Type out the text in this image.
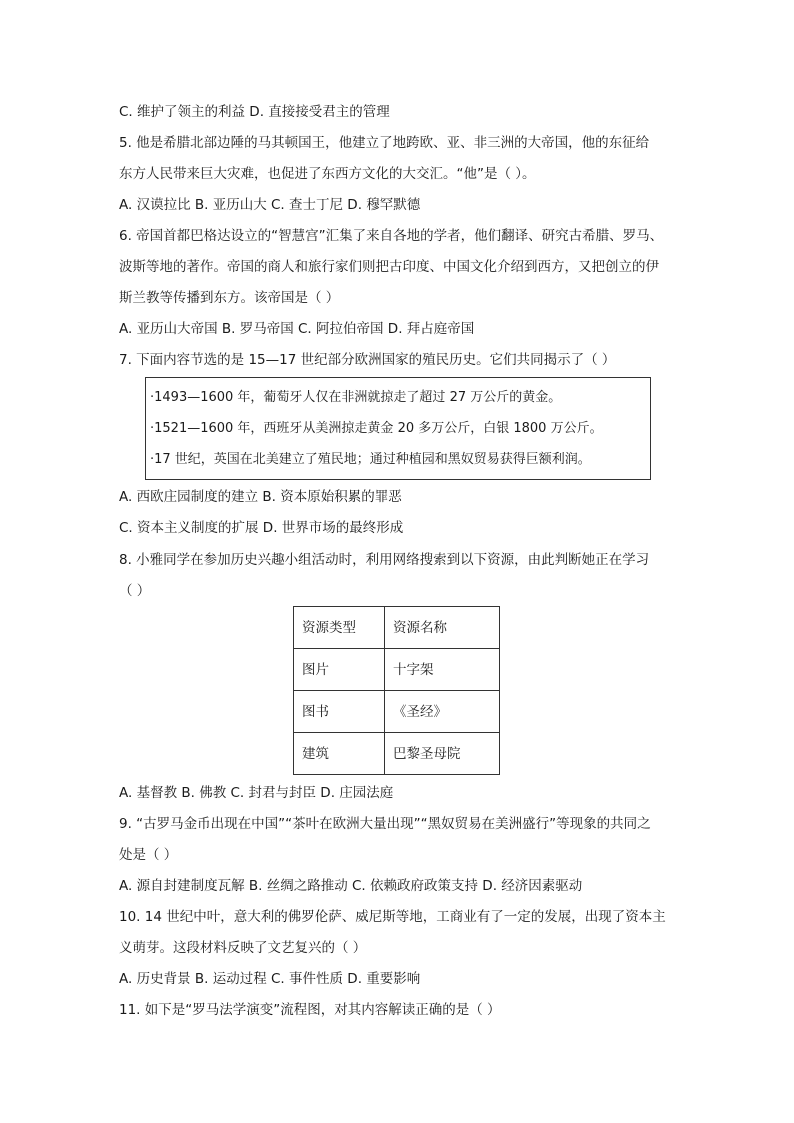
C. 维护了领主的利益 D. 直接接受君主的管理
5. 他是希腊北部边陲的马其顿国王，他建立了地跨欧、亚、非三洲的大帝国，他的东征给
东方人民带来巨大灾难，也促进了东西方文化的大交汇。“他”是（ ）。
A. 汉谟拉比 B. 亚历山大 C. 查士丁尼 D. 穆罕默德
6. 帝国首都巴格达设立的“智慧宫”汇集了来自各地的学者，他们翻译、研究古希腊、罗马、
波斯等地的著作。帝国的商人和旅行家们则把古印度、中国文化介绍到西方，又把创立的伊
斯兰教等传播到东方。该帝国是（ ）
A. 亚历山大帝国 B. 罗马帝国 C. 阿拉伯帝国 D. 拜占庭帝国
7. 下面内容节选的是 15—17 世纪部分欧洲国家的殖民历史。它们共同揭示了（ ）
·1493—1600 年，葡萄牙人仅在非洲就掠走了超过 27 万公斤的黄金。
·1521—1600 年，西班牙从美洲掠走黄金 20 多万公斤，白银 1800 万公斤。
·17 世纪，英国在北美建立了殖民地；通过种植园和黑奴贸易获得巨额利润。
A. 西欧庄园制度的建立 B. 资本原始积累的罪恶
C. 资本主义制度的扩展 D. 世界市场的最终形成
8. 小雅同学在参加历史兴趣小组活动时，利用网络搜索到以下资源，由此判断她正在学习
（ ）
资源类型	资源名称
图片	十字架
图书	《圣经》
建筑	巴黎圣母院
A. 基督教 B. 佛教 C. 封君与封臣 D. 庄园法庭
9. “古罗马金币出现在中国”“茶叶在欧洲大量出现”“黑奴贸易在美洲盛行”等现象的共同之
处是（ ）
A. 源自封建制度瓦解 B. 丝绸之路推动 C. 依赖政府政策支持 D. 经济因素驱动
10. 14 世纪中叶，意大利的佛罗伦萨、威尼斯等地，工商业有了一定的发展，出现了资本主
义萌芽。这段材料反映了文艺复兴的（ ）
A. 历史背景 B. 运动过程 C. 事件性质 D. 重要影响
11. 如下是“罗马法学演变”流程图，对其内容解读正确的是（ ）
